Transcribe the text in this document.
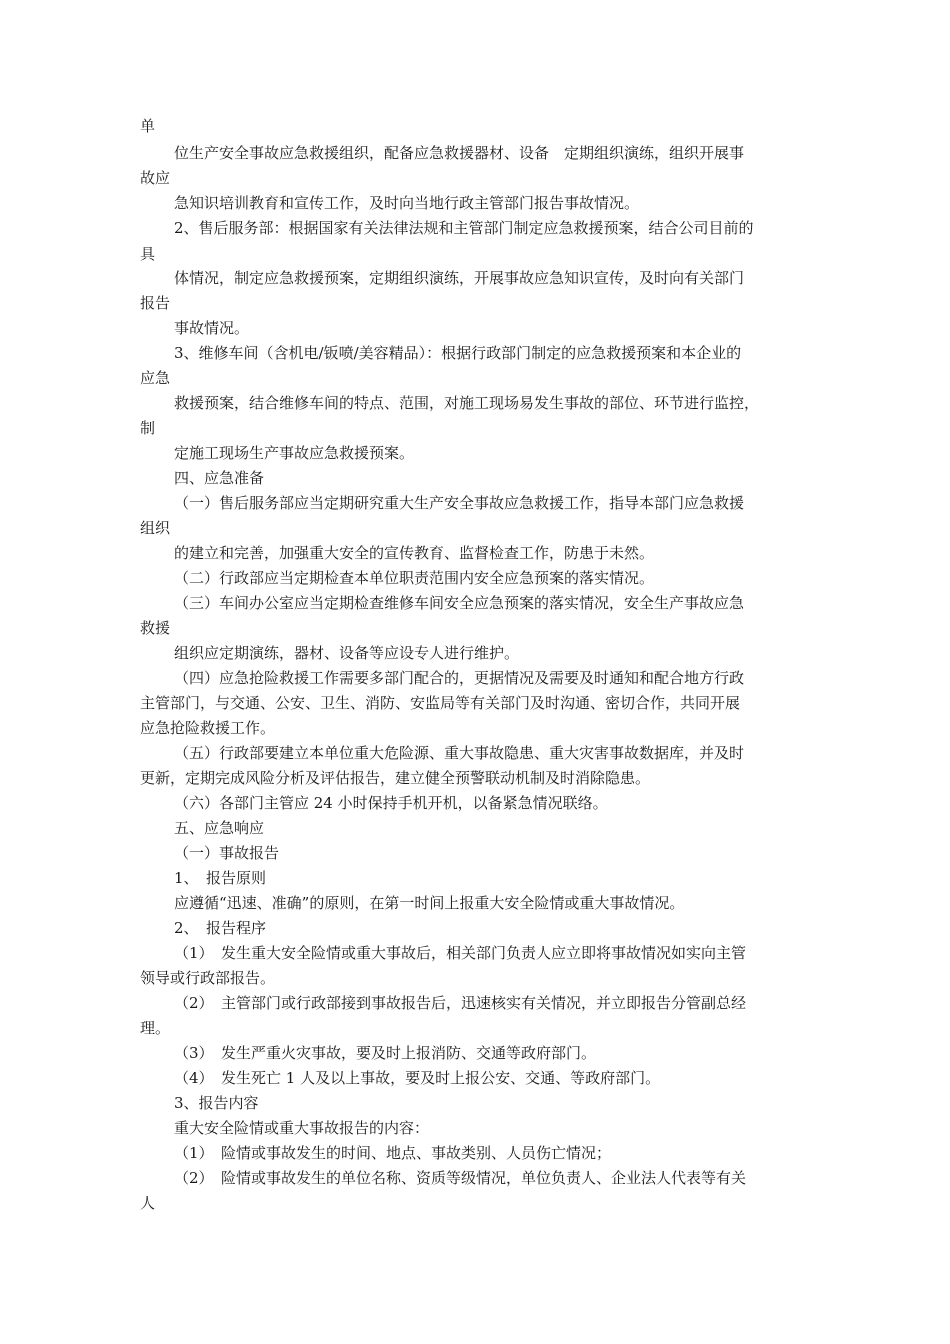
单
位生产安全事故应急救援组织，配备应急救援器材、设备　定期组织演练，组织开展事
故应
急知识培训教育和宣传工作，及时向当地行政主管部门报告事故情况。
2、售后服务部：根据国家有关法律法规和主管部门制定应急救援预案，结合公司目前的
具
体情况，制定应急救援预案，定期组织演练，开展事故应急知识宣传，及时向有关部门
报告
事故情况。
3、维修车间（含机电/钣喷/美容精品）：根据行政部门制定的应急救援预案和本企业的
应急
救援预案，结合维修车间的特点、范围，对施工现场易发生事故的部位、环节进行监控，
制
定施工现场生产事故应急救援预案。
四、应急准备
（一）售后服务部应当定期研究重大生产安全事故应急救援工作，指导本部门应急救援
组织
的建立和完善，加强重大安全的宣传教育、监督检查工作，防患于未然。
（二）行政部应当定期检查本单位职责范围内安全应急预案的落实情况。
（三）车间办公室应当定期检查维修车间安全应急预案的落实情况，安全生产事故应急
救援
组织应定期演练，器材、设备等应设专人进行维护。
（四）应急抢险救援工作需要多部门配合的，更据情况及需要及时通知和配合地方行政
主管部门，与交通、公安、卫生、消防、安监局等有关部门及时沟通、密切合作，共同开展
应急抢险救援工作。
（五）行政部要建立本单位重大危险源、重大事故隐患、重大灾害事故数据库，并及时
更新，定期完成风险分析及评估报告，建立健全预警联动机制及时消除隐患。
（六）各部门主管应 24 小时保持手机开机，以备紧急情况联络。
五、应急响应
（一）事故报告
1、　报告原则
应遵循“迅速、准确”的原则，在第一时间上报重大安全险情或重大事故情况。
2、　报告程序
（1）　发生重大安全险情或重大事故后，相关部门负责人应立即将事故情况如实向主管
领导或行政部报告。
（2）　主管部门或行政部接到事故报告后，迅速核实有关情况，并立即报告分管副总经
理。
（3）　发生严重火灾事故，要及时上报消防、交通等政府部门。
（4）　发生死亡 1 人及以上事故，要及时上报公安、交通、等政府部门。
3、报告内容
重大安全险情或重大事故报告的内容：
（1）　险情或事故发生的时间、地点、事故类别、人员伤亡情况；
（2）　险情或事故发生的单位名称、资质等级情况，单位负责人、企业法人代表等有关
人
